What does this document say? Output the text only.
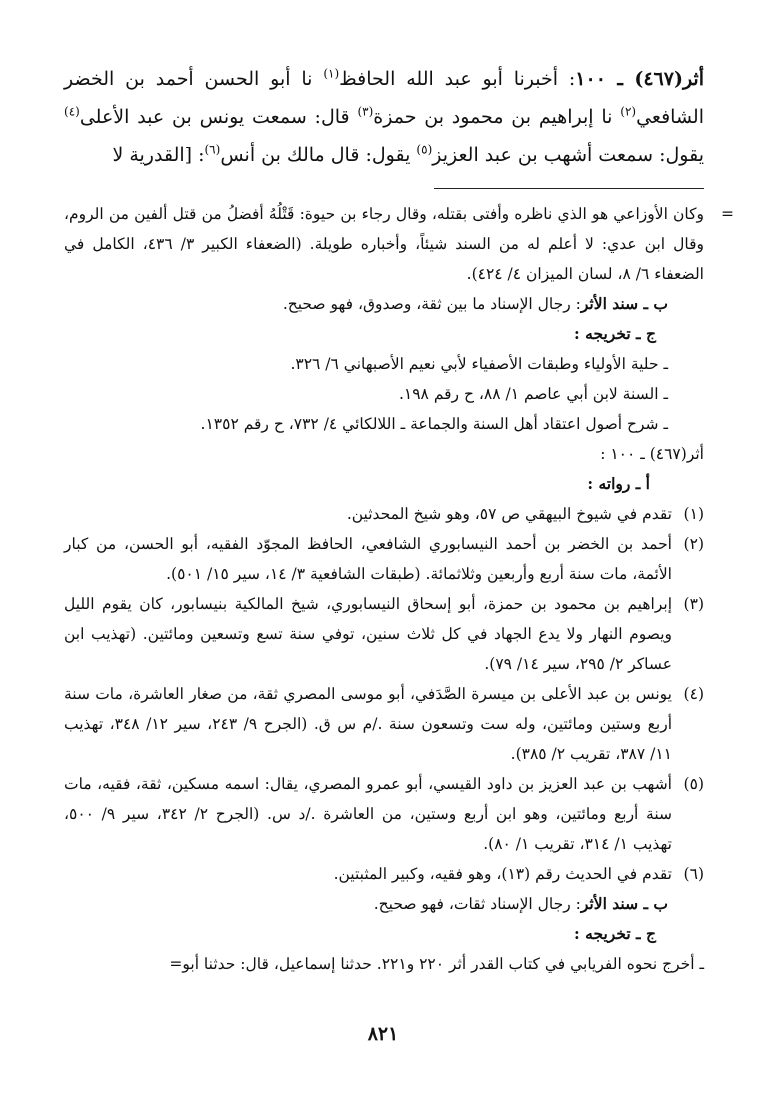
أثر(٤٦٧) ـ ١٠٠: أخبرنا أبو عبد الله الحافظ$^{(١)}$ نا أبو الحسن أحمد بن الخضر الشافعي$^{(٢)}$ نا إبراهيم بن محمود بن حمزة$^{(٣)}$ قال: سمعت يونس بن عبد الأعلى$^{(٤)}$ يقول: سمعت أشهب بن عبد العزيز$^{(٥)}$ يقول: قال مالك بن أنس$^{(٦)}$: [القدرية لا
=

وكان الأوزاعي هو الذي ناظره وأفتى بقتله، وقال رجاء بن حيوة: قَتْلُهُ أفضلُ من قتل ألفين من الروم، وقال ابن عدي: لا أعلم له من السند شيئاً، وأخباره طويلة. (الضعفاء الكبير ٣/ ٤٣٦، الكامل في الضعفاء ٦/ ٨، لسان الميزان ٤/ ٤٢٤).

ب ـ سند الأثر: رجال الإسناد ما بين ثقة، وصدوق، فهو صحيح.

ج ـ تخريجه :

ـ حلية الأولياء وطبقات الأصفياء لأبي نعيم الأصبهاني ٦/ ٣٢٦.

ـ السنة لابن أبي عاصم ١/ ٨٨، ح رقم ١٩٨.

ـ شرح أصول اعتقاد أهل السنة والجماعة ـ اللالكائي ٤/ ٧٣٢، ح رقم ١٣٥٢.

أثر(٤٦٧) ـ ١٠٠ :

أ ـ رواته :

(١)
تقدم في شيوخ البيهقي ص ٥٧، وهو شيخ المحدثين.
(٢)
أحمد بن الخضر بن أحمد النيسابوري الشافعي، الحافظ المجوّد الفقيه، أبو الحسن، من كبار الأئمة، مات سنة أربع وأربعين وثلاثمائة. (طبقات الشافعية ٣/ ١٤، سير ١٥/ ٥٠١).
(٣)
إبراهيم بن محمود بن حمزة، أبو إسحاق النيسابوري، شيخ المالكية بنيسابور، كان يقوم الليل ويصوم النهار ولا يدع الجهاد في كل ثلاث سنين، توفي سنة تسع وتسعين ومائتين. (تهذيب ابن عساكر ٢/ ٢٩٥، سير ١٤/ ٧٩).
(٤)
يونس بن عبد الأعلى بن ميسرة الصَّدَفي، أبو موسى المصري ثقة، من صغار العاشرة، مات سنة أربع وستين ومائتين، وله ست وتسعون سنة ./م س ق. (الجرح ٩/ ٢٤٣، سير ١٢/ ٣٤٨، تهذيب ١١/ ٣٨٧، تقريب ٢/ ٣٨٥).
(٥)
أشهب بن عبد العزيز بن داود القيسي، أبو عمرو المصري، يقال: اسمه مسكين، ثقة، فقيه، مات سنة أربع ومائتين، وهو ابن أربع وستين، من العاشرة ./د س. (الجرح ٢/ ٣٤٢، سير ٩/ ٥٠٠، تهذيب ١/ ٣١٤، تقريب ١/ ٨٠).
(٦)
تقدم في الحديث رقم (١٣)، وهو فقيه، وكبير المثبتين.

ب ـ سند الأثر: رجال الإسناد ثقات، فهو صحيح.

ج ـ تخريجه :

ـ أخرج نحوه الفريابي في كتاب القدر أثر ٢٢٠ و٢٢١. حدثنا إسماعيل، قال: حدثنا أبو=

٨٢١
